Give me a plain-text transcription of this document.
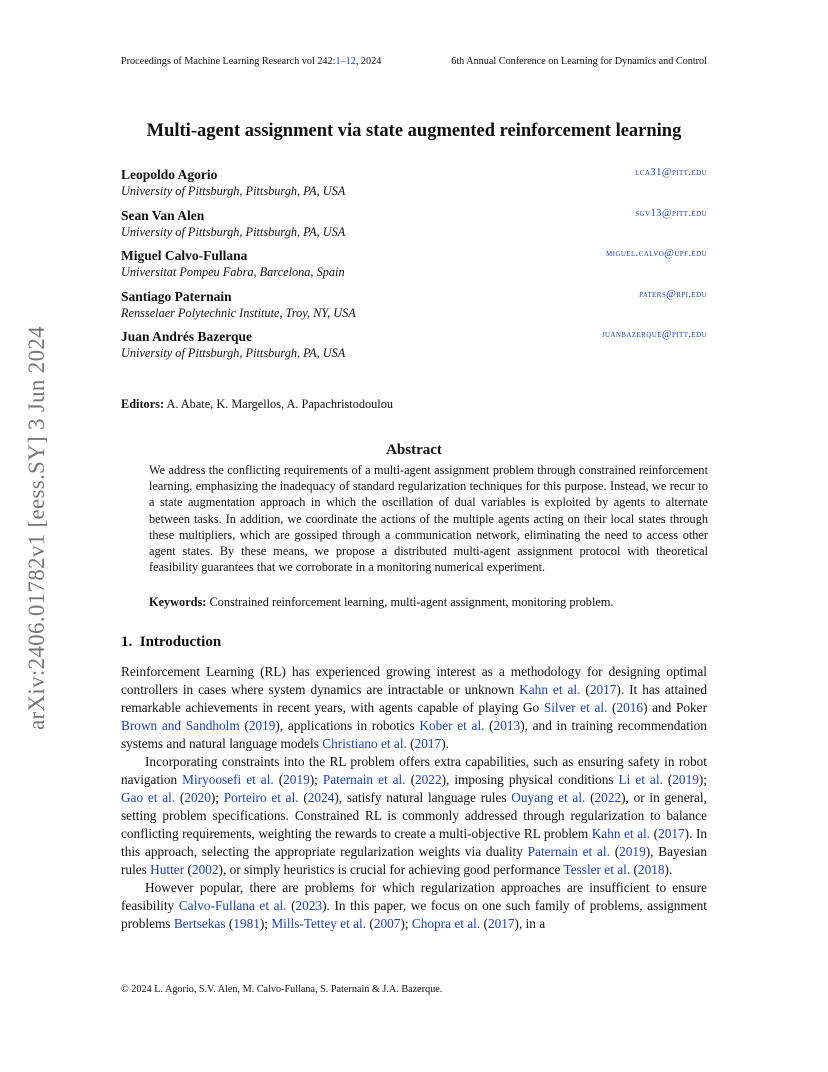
Proceedings of Machine Learning Research vol 242:1–12, 2024	6th Annual Conference on Learning for Dynamics and Control
arXiv:2406.01782v1 [eess.SY] 3 Jun 2024
Multi-agent assignment via state augmented reinforcement learning
Leopoldo Agorio
University of Pittsburgh, Pittsburgh, PA, USA
lca31@pitt.edu
Sean Van Alen
University of Pittsburgh, Pittsburgh, PA, USA
sgv13@pitt.edu
Miguel Calvo-Fullana
Universitat Pompeu Fabra, Barcelona, Spain
miguel.calvo@upf.edu
Santiago Paternain
Rensselaer Polytechnic Institute, Troy, NY, USA
paters@rpi.edu
Juan Andrés Bazerque
University of Pittsburgh, Pittsburgh, PA, USA
juanbazerque@pitt.edu
Editors: A. Abate, K. Margellos, A. Papachristodoulou
Abstract

We address the conflicting requirements of a multi-agent assignment problem through constrained reinforcement learning, emphasizing the inadequacy of standard regularization techniques for this purpose. Instead, we recur to a state augmentation approach in which the oscillation of dual variables is exploited by agents to alternate between tasks. In addition, we coordinate the actions of the multiple agents acting on their local states through these multipliers, which are gossiped through a communication network, eliminating the need to access other agent states. By these means, we propose a distributed multi-agent assignment protocol with theoretical feasibility guarantees that we corroborate in a monitoring numerical experiment.

Keywords: Constrained reinforcement learning, multi-agent assignment, monitoring problem.

1. Introduction

Reinforcement Learning (RL) has experienced growing interest as a methodology for designing optimal controllers in cases where system dynamics are intractable or unknown Kahn et al. (2017). It has attained remarkable achievements in recent years, with agents capable of playing Go Silver et al. (2016) and Poker Brown and Sandholm (2019), applications in robotics Kober et al. (2013), and in training recommendation systems and natural language models Christiano et al. (2017).

Incorporating constraints into the RL problem offers extra capabilities, such as ensuring safety in robot navigation Miryoosefi et al. (2019); Paternain et al. (2022), imposing physical conditions Li et al. (2019); Gao et al. (2020); Porteiro et al. (2024), satisfy natural language rules Ouyang et al. (2022), or in general, setting problem specifications. Constrained RL is commonly addressed through regularization to balance conflicting requirements, weighting the rewards to create a multi-objective RL problem Kahn et al. (2017). In this approach, selecting the appropriate regularization weights via duality Paternain et al. (2019), Bayesian rules Hutter (2002), or simply heuristics is crucial for achieving good performance Tessler et al. (2018).

However popular, there are problems for which regularization approaches are insufficient to ensure feasibility Calvo-Fullana et al. (2023). In this paper, we focus on one such family of problems, assignment problems Bertsekas (1981); Mills-Tettey et al. (2007); Chopra et al. (2017), in a

© 2024 L. Agorio, S.V. Alen, M. Calvo-Fullana, S. Paternain & J.A. Bazerque.
